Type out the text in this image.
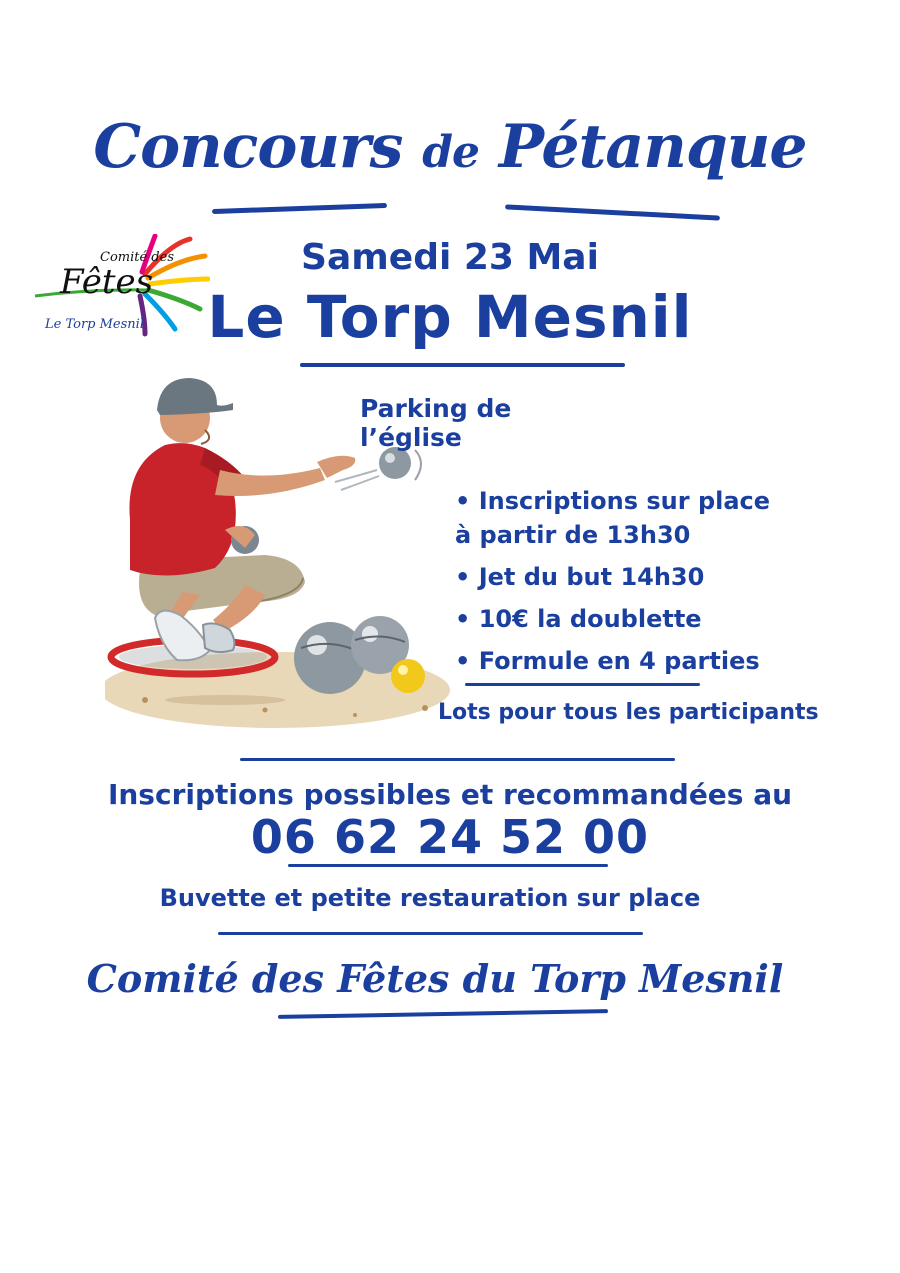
Comité des
Fêtes
Le Torp Mesnil
Concours de Pétanque
Samedi 23 Mai
Le Torp Mesnil
Parking de l’église
• Inscriptions sur place
à partir de 13h30
• Jet du but 14h30
• 10€ la doublette
• Formule en 4 parties
Lots pour tous les participants
Inscriptions possibles et recommandées au
06 62 24 52 00
Buvette et petite restauration sur place
Comité des Fêtes du Torp Mesnil
